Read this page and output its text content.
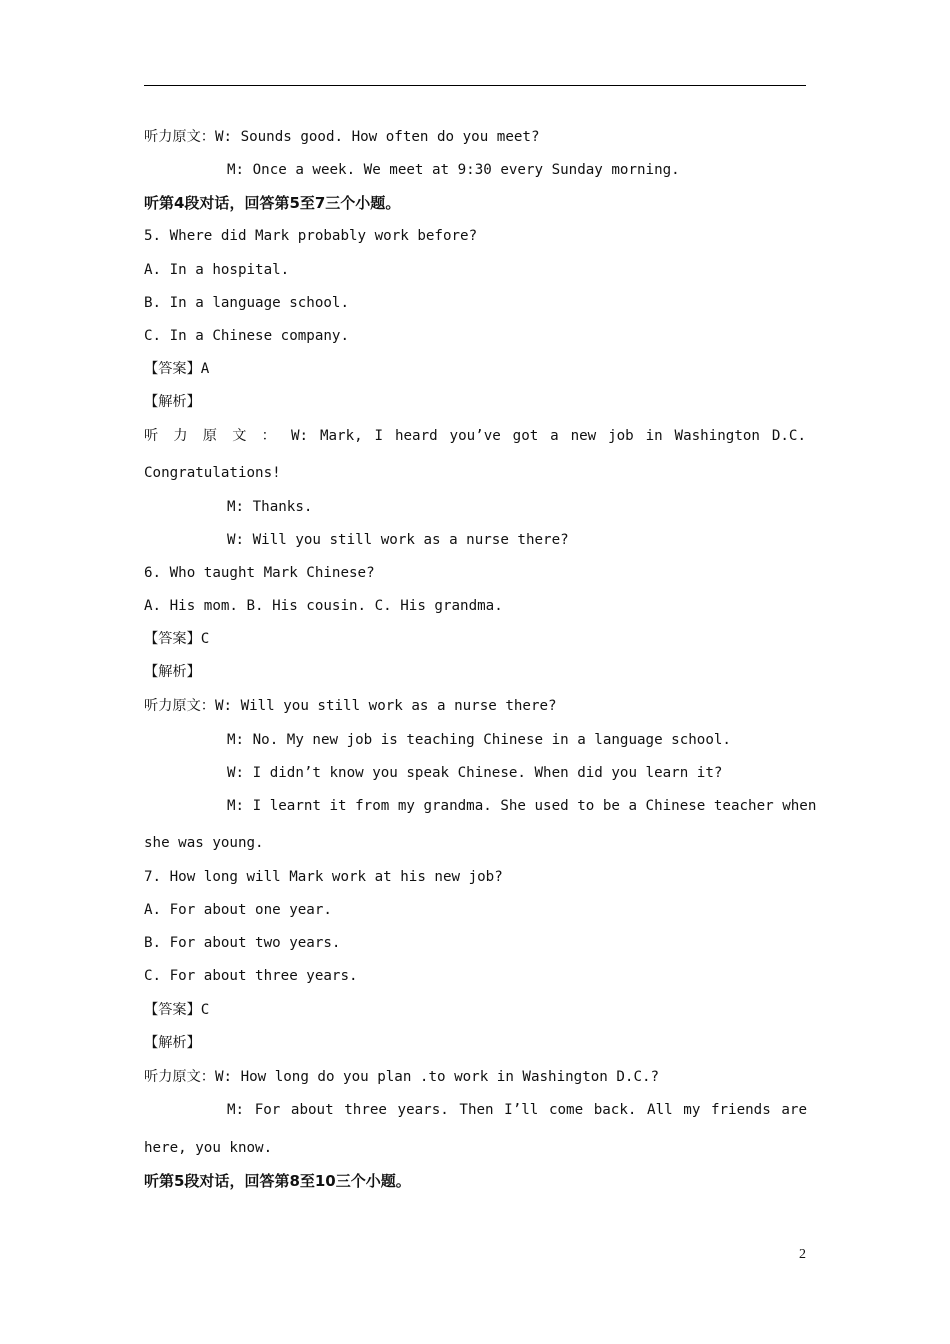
听力原文：W: Sounds good. How often do you meet?
M: Once a week. We meet at 9:30 every Sunday morning.
听第4段对话，回答第5至7三个小题。
5. Where did Mark probably work before?
A. In a hospital.
B. In a language school.
C. In a Chinese company.
【答案】A
【解析】
听 力 原 文 ： W: Mark, I heard you’ve got a new job in Washington D.C.
Congratulations!
M: Thanks.
W: Will you still work as a nurse there?
6. Who taught Mark Chinese?
A. His mom. B. His cousin. C. His grandma.
【答案】C
【解析】
听力原文：W: Will you still work as a nurse there?
M: No. My new job is teaching Chinese in a language school.
W: I didn’t know you speak Chinese. When did you learn it?
M: I learnt it from my grandma. She used to be a Chinese teacher when
she was young.
7. How long will Mark work at his new job?
A. For about one year.
B. For about two years.
C. For about three years.
【答案】C
【解析】
听力原文：W: How long do you plan .to work in Washington D.C.?
M: For about three years. Then I’ll come back. All my friends are
here, you know.
听第5段对话，回答第8至10三个小题。
2
